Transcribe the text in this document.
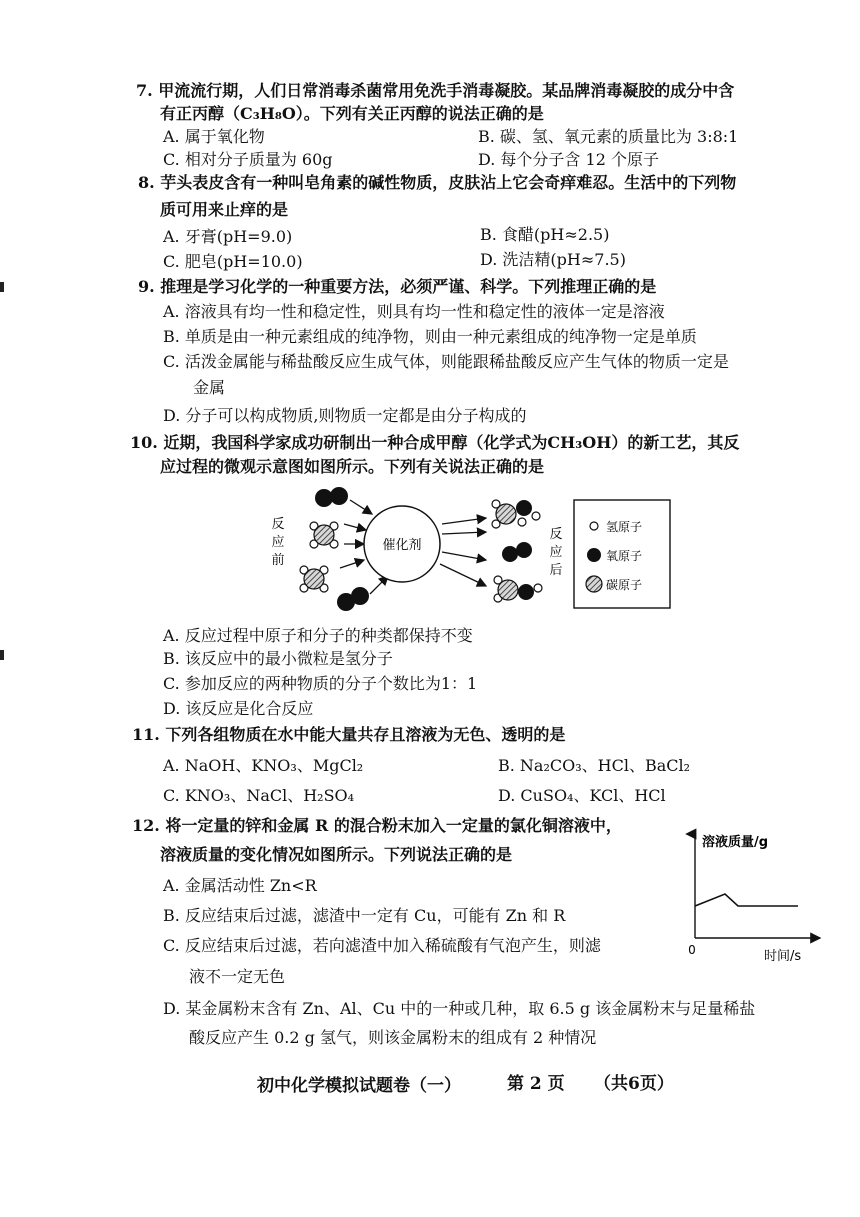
7. 甲流流行期，人们日常消毒杀菌常用免洗手消毒凝胶。某品牌消毒凝胶的成分中含
有正丙醇（C₃H₈O）。下列有关正丙醇的说法正确的是
A. 属于氧化物	B. 碳、氢、氧元素的质量比为 3:8:1
C. 相对分子质量为 60g	D. 每个分子含 12 个原子
8. 芋头表皮含有一种叫皂角素的碱性物质，皮肤沾上它会奇痒难忍。生活中的下列物
质可用来止痒的是
A. 牙膏(pH=9.0)	B. 食醋(pH≈2.5)
C. 肥皂(pH=10.0)	D. 洗洁精(pH≈7.5)
9. 推理是学习化学的一种重要方法，必须严谨、科学。下列推理正确的是
A. 溶液具有均一性和稳定性，则具有均一性和稳定性的液体一定是溶液
B. 单质是由一种元素组成的纯净物，则由一种元素组成的纯净物一定是单质
C. 活泼金属能与稀盐酸反应生成气体，则能跟稀盐酸反应产生气体的物质一定是
金属
D. 分子可以构成物质,则物质一定都是由分子构成的
10. 近期，我国科学家成功研制出一种合成甲醇（化学式为CH₃OH）的新工艺，其反
应过程的微观示意图如图所示。下列有关说法正确的是
反
应
前
催化剂
反
应
后
氢原子
氧原子
碳原子
A. 反应过程中原子和分子的种类都保持不变
B. 该反应中的最小微粒是氢分子
C. 参加反应的两种物质的分子个数比为1：1
D. 该反应是化合反应
11. 下列各组物质在水中能大量共存且溶液为无色、透明的是
A. NaOH、KNO₃、MgCl₂	B. Na₂CO₃、HCl、BaCl₂
C. KNO₃、NaCl、H₂SO₄	D. CuSO₄、KCl、HCl
12. 将一定量的锌和金属 R 的混合粉末加入一定量的氯化铜溶液中，
溶液质量的变化情况如图所示。下列说法正确的是
A. 金属活动性 Zn<R
B. 反应结束后过滤，滤渣中一定有 Cu，可能有 Zn 和 R
C. 反应结束后过滤，若向滤渣中加入稀硫酸有气泡产生，则滤
液不一定无色
D. 某金属粉末含有 Zn、Al、Cu 中的一种或几种，取 6.5 g 该金属粉末与足量稀盐
酸反应产生 0.2 g 氢气，则该金属粉末的组成有 2 种情况
溶液质量/g
0	时间/s
初中化学模拟试题卷（一）	第 2 页 （共6页）
